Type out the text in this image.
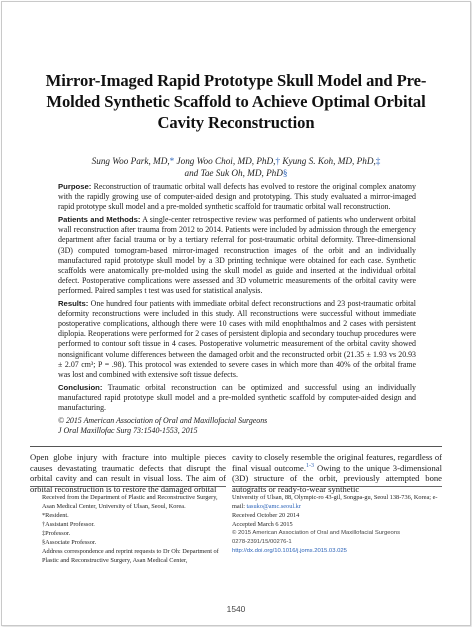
Mirror-Imaged Rapid Prototype Skull Model and Pre-Molded Synthetic Scaffold to Achieve Optimal Orbital Cavity Reconstruction
Sung Woo Park, MD,* Jong Woo Choi, MD, PhD,† Kyung S. Koh, MD, PhD,‡
and Tae Suk Oh, MD, PhD§

Purpose: Reconstruction of traumatic orbital wall defects has evolved to restore the original complex anatomy with the rapidly growing use of computer-aided design and prototyping. This study evaluated a mirror-imaged rapid prototype skull model and a pre-molded synthetic scaffold for traumatic orbital wall reconstruction.

Patients and Methods: A single-center retrospective review was performed of patients who underwent orbital wall reconstruction after trauma from 2012 to 2014. Patients were included by admission through the emergency department after facial trauma or by a tertiary referral for post-traumatic orbital deformity. Three-dimensional (3D) computed tomogram-based mirror-imaged reconstruction images of the orbit and an individually manufactured rapid prototype skull model by a 3D printing technique were obtained for each case. Synthetic scaffolds were anatomically pre-molded using the skull model as guide and inserted at the individual orbital defect. Postoperative complications were assessed and 3D volumetric measurements of the orbital cavity were performed. Paired samples t test was used for statistical analysis.

Results: One hundred four patients with immediate orbital defect reconstructions and 23 post-traumatic orbital deformity reconstructions were included in this study. All reconstructions were successful without immediate postoperative complications, although there were 10 cases with mild enophthalmos and 2 cases with persistent diplopia. Reoperations were performed for 2 cases of persistent diplopia and secondary touchup procedures were performed to contour soft tissue in 4 cases. Postoperative volumetric measurement of the orbital cavity showed nonsignificant volume differences between the damaged orbit and the reconstructed orbit (21.35 ± 1.93 vs 20.93 ± 2.07 cm³; P = .98). This protocol was extended to severe cases in which more than 40% of the orbital frame was lost and combined with extensive soft tissue defects.

Conclusion: Traumatic orbital reconstruction can be optimized and successful using an individually manufactured rapid prototype skull model and a pre-molded synthetic scaffold by computer-aided design and manufacturing.

© 2015 American Association of Oral and Maxillofacial Surgeons

J Oral Maxillofac Surg 73:1540-1553, 2015

Open globe injury with fracture into multiple pieces causes devastating traumatic defects that disrupt the orbital cavity and can result in visual loss. The aim of orbital reconstruction is to restore the damaged orbital
cavity to closely resemble the original features, regardless of final visual outcome.$^{1-3}$ Owing to the unique 3-dimensional (3D) structure of the orbit, previously attempted bone autografts or ready-to-wear synthetic

Received from the Department of Plastic and Reconstructive Surgery, Asan Medical Center, University of Ulsan, Seoul, Korea.

*Resident.

†Assistant Professor.

‡Professor.

§Associate Professor.

Address correspondence and reprint requests to Dr Oh: Department of Plastic and Reconstructive Surgery, Asan Medical Center,

University of Ulsan, 88, Olympic-ro 43-gil, Songpa-gu, Seoul 138-736, Korea; e-mail: tasuko@amc.seoul.kr

Received October 20 2014

Accepted March 6 2015

© 2015 American Association of Oral and Maxillofacial Surgeons

0278-2391/15/00276-1

http://dx.doi.org/10.1016/j.joms.2015.03.025

1540
